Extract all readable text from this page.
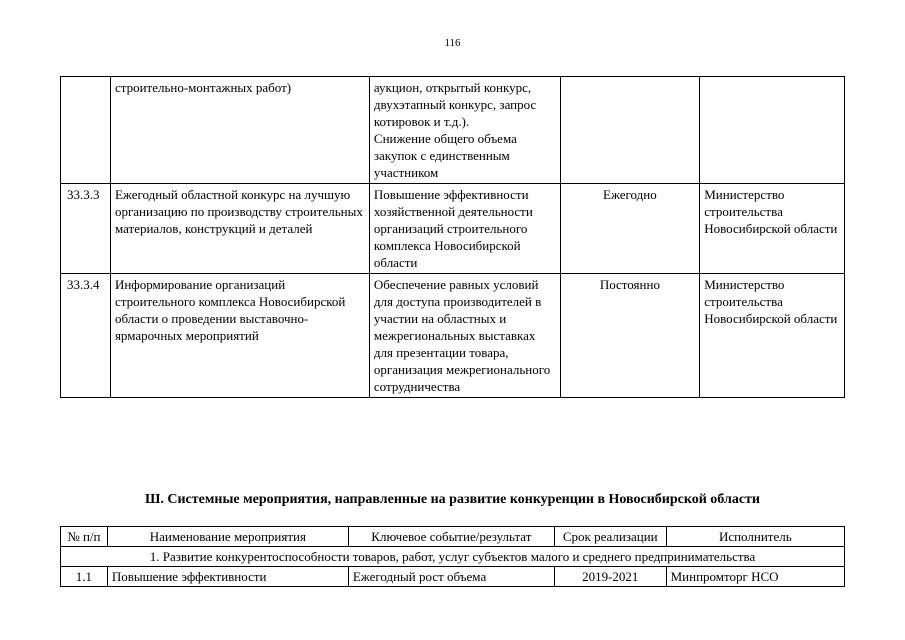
116
	строительно-монтажных работ)	аукцион, открытый конкурс, двухэтапный конкурс, запрос котировок и т.д.).
Снижение общего объема закупок с единственным участником		
33.3.3	Ежегодный областной конкурс на лучшую организацию по производству строительных материалов, конструкций и деталей	Повышение эффективности хозяйственной деятельности организаций строительного комплекса Новосибирской области	Ежегодно	Министерство строительства Новосибирской области
33.3.4	Информирование организаций строительного комплекса Новосибирской области о проведении выставочно-ярмарочных мероприятий	Обеспечение равных условий для доступа производителей в участии на областных и межрегиональных выставках для презентации товара, организация межрегионального сотрудничества	Постоянно	Министерство строительства Новосибирской области
Ш. Системные мероприятия, направленные на развитие конкуренции в Новосибирской области
№ п/п	Наименование мероприятия	Ключевое событие/результат	Срок реализации	Исполнитель
1. Развитие конкурентоспособности товаров, работ, услуг субъектов малого и среднего предпринимательства				
1.1	Повышение эффективности	Ежегодный рост объема	2019-2021	Минпромторг НСО
